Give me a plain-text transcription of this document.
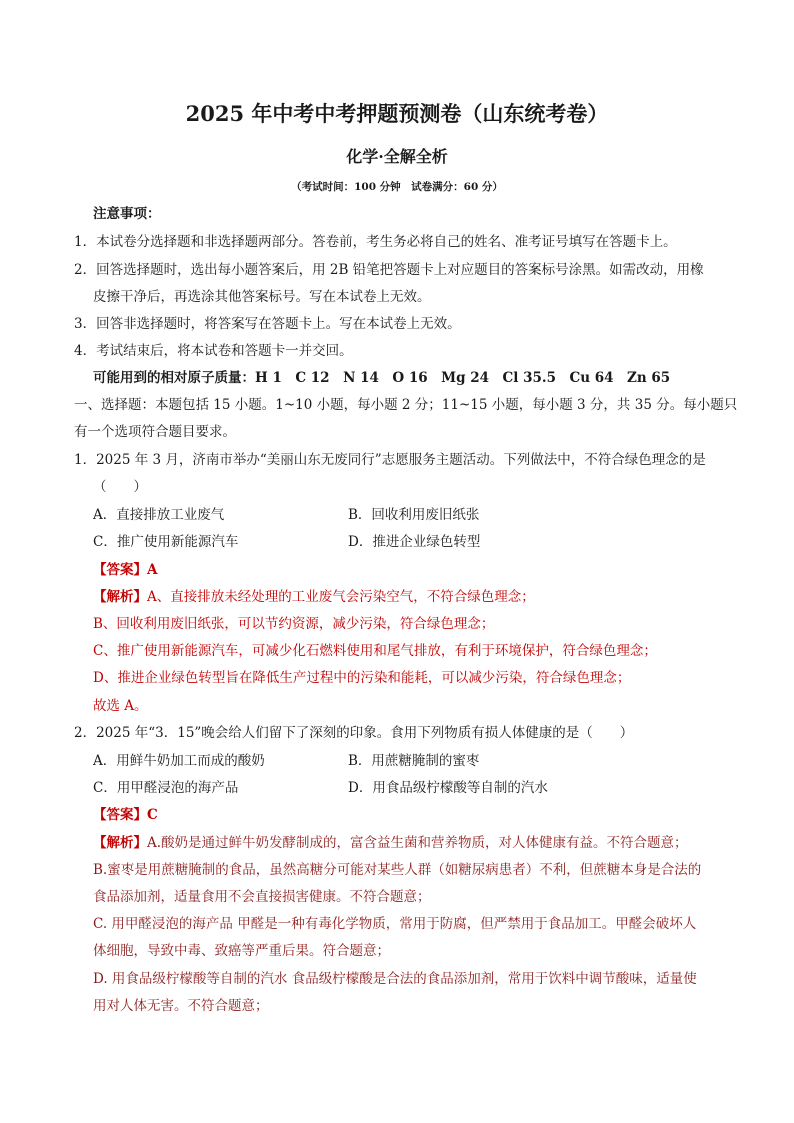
2025 年中考中考押题预测卷（山东统考卷）
化学·全解全析
（考试时间：100 分钟　试卷满分：60 分）
注意事项：
1．本试卷分选择题和非选择题两部分。答卷前，考生务必将自己的姓名、准考证号填写在答题卡上。
2．回答选择题时，选出每小题答案后，用 2B 铅笔把答题卡上对应题目的答案标号涂黑。如需改动，用橡
皮擦干净后，再选涂其他答案标号。写在本试卷上无效。
3．回答非选择题时，将答案写在答题卡上。写在本试卷上无效。
4．考试结束后，将本试卷和答题卡一并交回。
可能用到的相对原子质量：H 1　C 12　N 14　O 16　Mg 24　Cl 35.5　Cu 64　Zn 65
一、选择题：本题包括 15 小题。1~10 小题，每小题 2 分；11~15 小题，每小题 3 分，共 35 分。每小题只
有一个选项符合题目要求。
1．2025 年 3 月，济南市举办“美丽山东无废同行”志愿服务主题活动。下列做法中，不符合绿色理念的是
（　　）
A．直接排放工业废气	B．回收利用废旧纸张
C．推广使用新能源汽车	D．推进企业绿色转型
【答案】A
【解析】A、直接排放未经处理的工业废气会污染空气，不符合绿色理念；
B、回收利用废旧纸张，可以节约资源，减少污染，符合绿色理念；
C、推广使用新能源汽车，可减少化石燃料使用和尾气排放，有利于环境保护，符合绿色理念；
D、推进企业绿色转型旨在降低生产过程中的污染和能耗，可以减少污染，符合绿色理念；
故选 A。
2．2025 年“3．15”晚会给人们留下了深刻的印象。食用下列物质有损人体健康的是（　　）
A．用鲜牛奶加工而成的酸奶	B．用蔗糖腌制的蜜枣
C．用甲醛浸泡的海产品	D．用食品级柠檬酸等自制的汽水
【答案】C
【解析】A.酸奶是通过鲜牛奶发酵制成的，富含益生菌和营养物质，对人体健康有益。不符合题意；
B.蜜枣是用蔗糖腌制的食品，虽然高糖分可能对某些人群（如糖尿病患者）不利，但蔗糖本身是合法的
食品添加剂，适量食用不会直接损害健康。不符合题意；
C. 用甲醛浸泡的海产品 甲醛是一种有毒化学物质，常用于防腐，但严禁用于食品加工。甲醛会破坏人
体细胞，导致中毒、致癌等严重后果。符合题意；
D. 用食品级柠檬酸等自制的汽水 食品级柠檬酸是合法的食品添加剂，常用于饮料中调节酸味，适量使
用对人体无害。不符合题意；
